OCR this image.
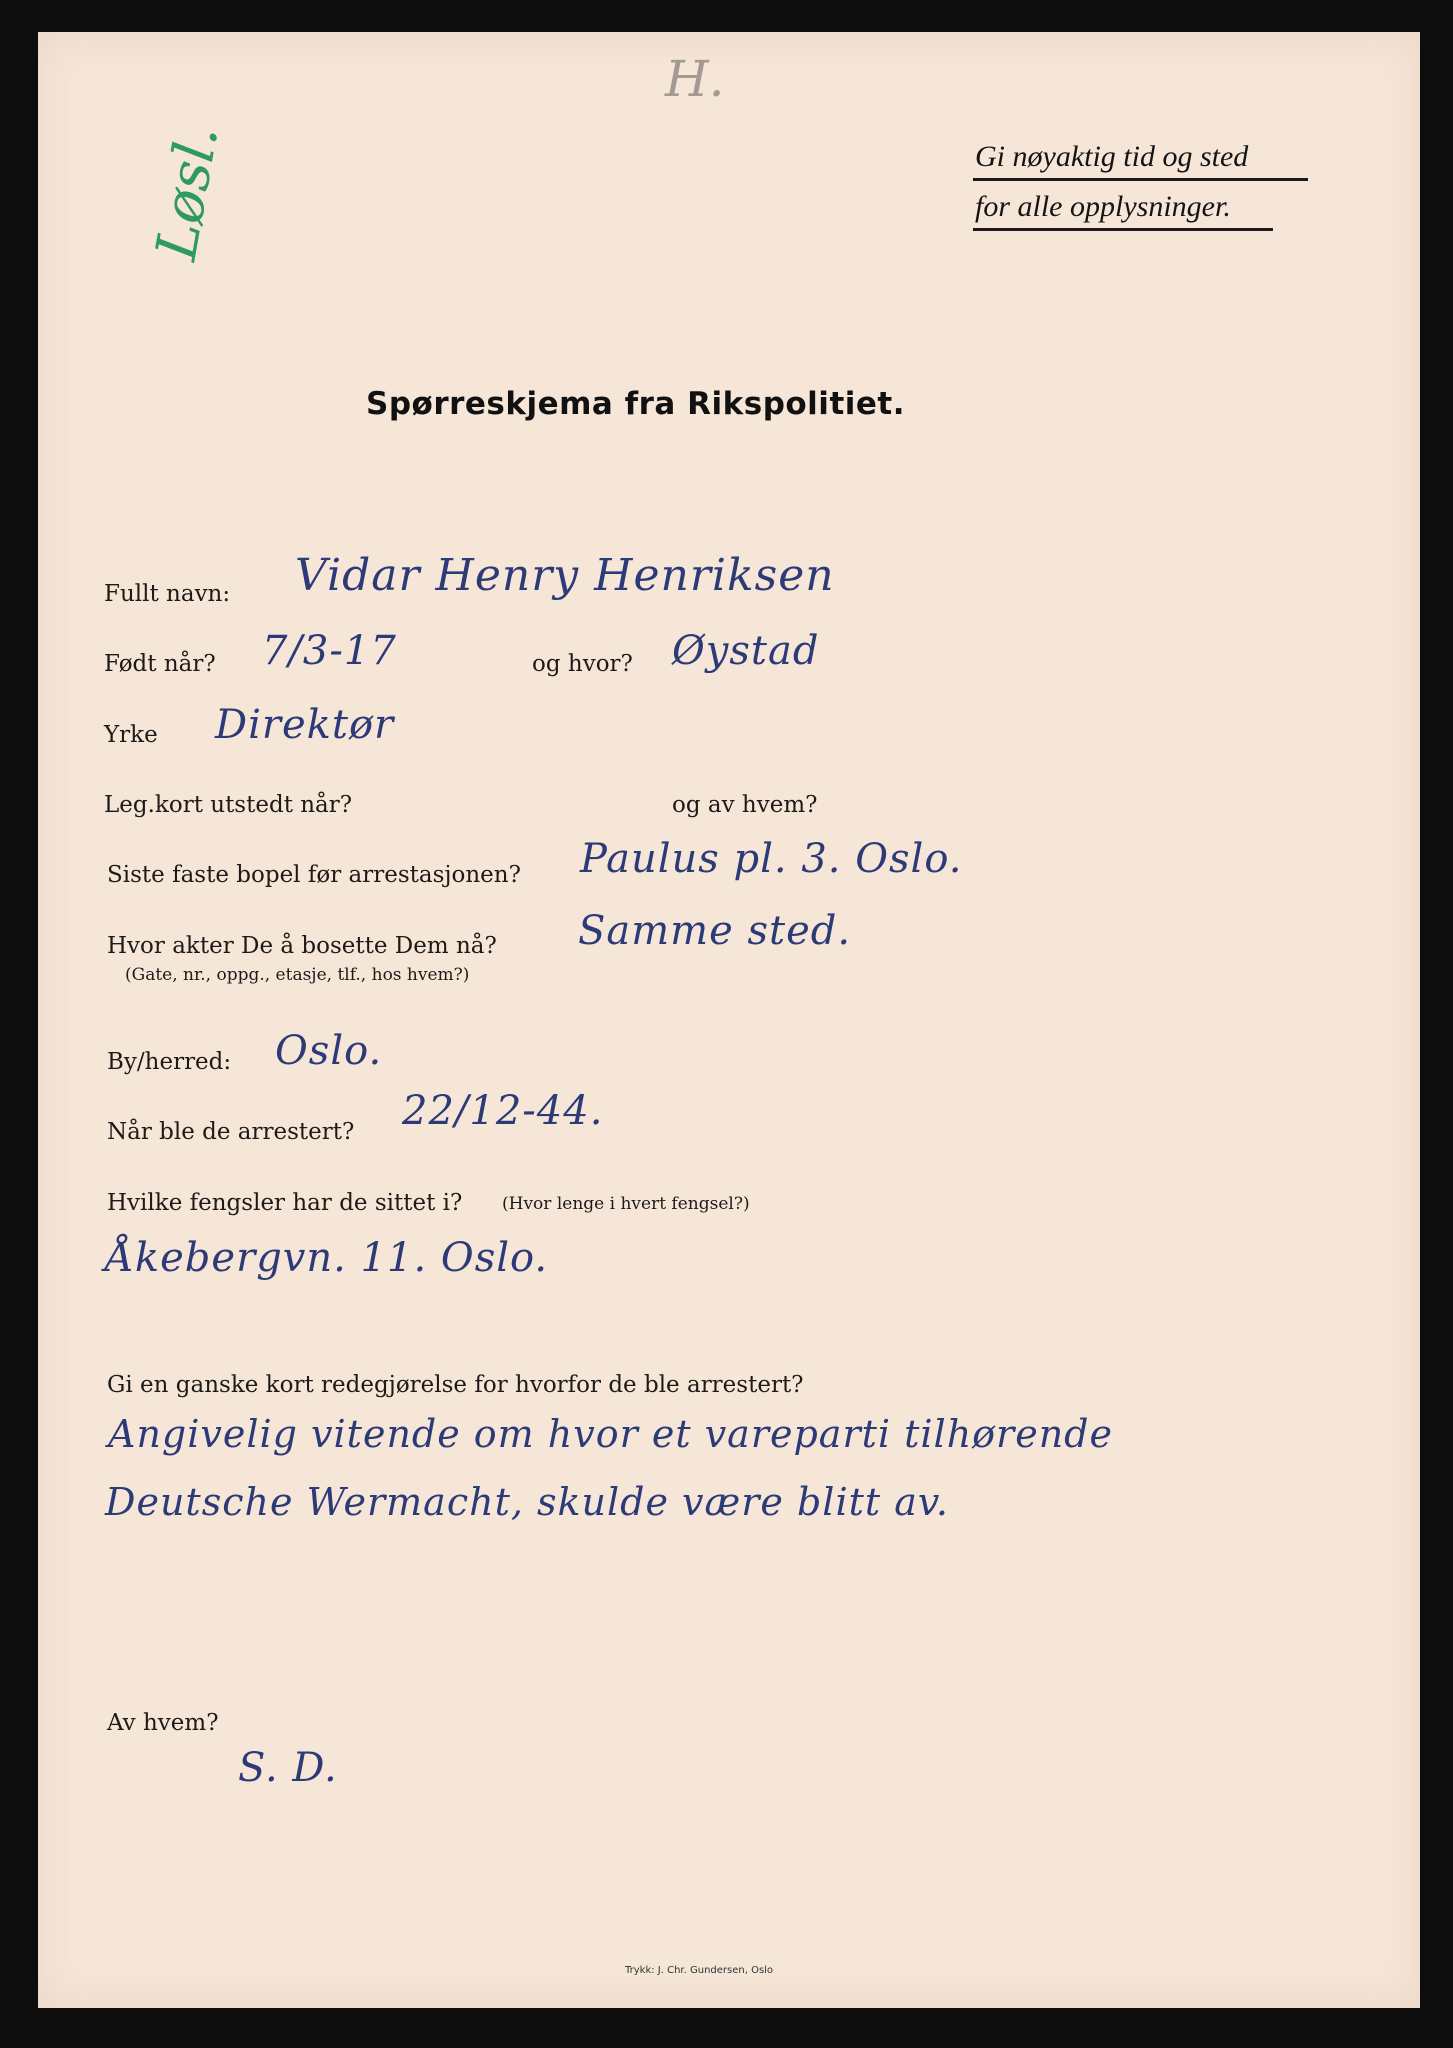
H.
Løsl.	Gi nøyaktig tid og sted
for alle opplysninger.
Spørreskjema fra Rikspolitiet.
Fullt navn: Vidar Henry Henriksen
Født når? 7/3-17	og hvor? Øystad
Yrke Direktør
Leg.kort utstedt når?	og av hvem?
Siste faste bopel før arrestasjonen? Paulus pl. 3. Oslo.
Hvor akter De å bosette Dem nå?
(Gate, nr., oppg., etasje, tlf., hos hvem?)
Samme sted.
By/herred: Oslo.
Når ble de arrestert? 22/12-44.
Hvilke fengsler har de sittet i? (Hvor lenge i hvert fengsel?)
Åkebergvn. 11. Oslo.
Gi en ganske kort redegjørelse for hvorfor de ble arrestert?
Angivelig vitende om hvor et vareparti tilhørende
Deutsche Wermacht, skulde være blitt av.
Av hvem?
S. D.
Trykk: J. Chr. Gundersen, Oslo
